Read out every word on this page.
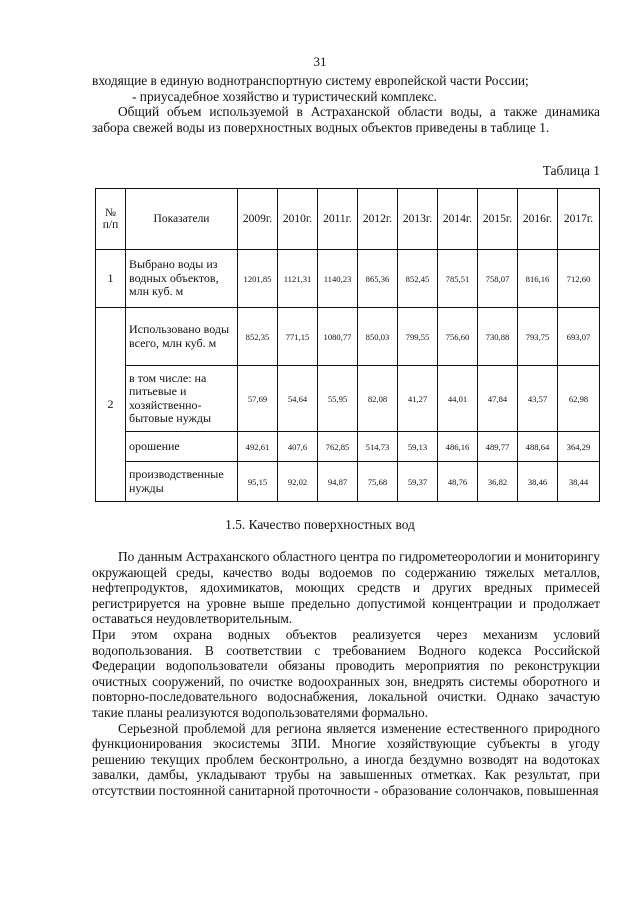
31

входящие в единую воднотранспортную систему европейской части России;

- приусадебное хозяйство и туристический комплекс.

Общий объем используемой в Астраханской области воды, а также динамика забора свежей воды из поверхностных водных объектов приведены в таблице 1.

Таблица 1
№ п/п	Показатели	2009г.	2010г.	2011г.	2012г.	2013г.	2014г.	2015г.	2016г.	2017г.
1	Выбрано воды из водных объектов, млн куб. м	1201,85	1121,31	1140,23	865,36	852,45	785,51	758,07	816,16	712,60
2	Использовано воды всего, млн куб. м	852,35	771,15	1080,77	850,03	799,55	756,60	730,88	793,75	693,07
	в том числе: на питьевые и хозяйственно-бытовые нужды	57,69	54,64	55,95	82,08	41,27	44,01	47,84	43,57	62,98
	орошение	492,61	407,6	762,85	514,73	59,13	486,16	489,77	488,64	364,29
	производственные нужды	95,15	92,02	94,87	75,68	59,37	48,76	36,82	38,46	38,44
1.5. Качество поверхностных вод

По данным Астраханского областного центра по гидрометеорологии и мониторингу окружающей среды, качество воды водоемов по содержанию тяжелых металлов, нефтепродуктов, ядохимикатов, моющих средств и других вредных примесей регистрируется на уровне выше предельно допустимой концентрации и продолжает оставаться неудовлетворительным.

При этом охрана водных объектов реализуется через механизм условий водопользования. В соответствии с требованием Водного кодекса Российской Федерации водопользователи обязаны проводить мероприятия по реконструкции очистных сооружений, по очистке водоохранных зон, внедрять системы оборотного и повторно-последовательного водоснабжения, локальной очистки. Однако зачастую такие планы реализуются водопользователями формально.

Серьезной проблемой для региона является изменение естественного природного функционирования экосистемы ЗПИ. Многие хозяйствующие субъекты в угоду решению текущих проблем бесконтрольно, а иногда бездумно возводят на водотоках завалки, дамбы, укладывают трубы на завышенных отметках. Как результат, при отсутствии постоянной санитарной проточности - образование солончаков, повышенная
